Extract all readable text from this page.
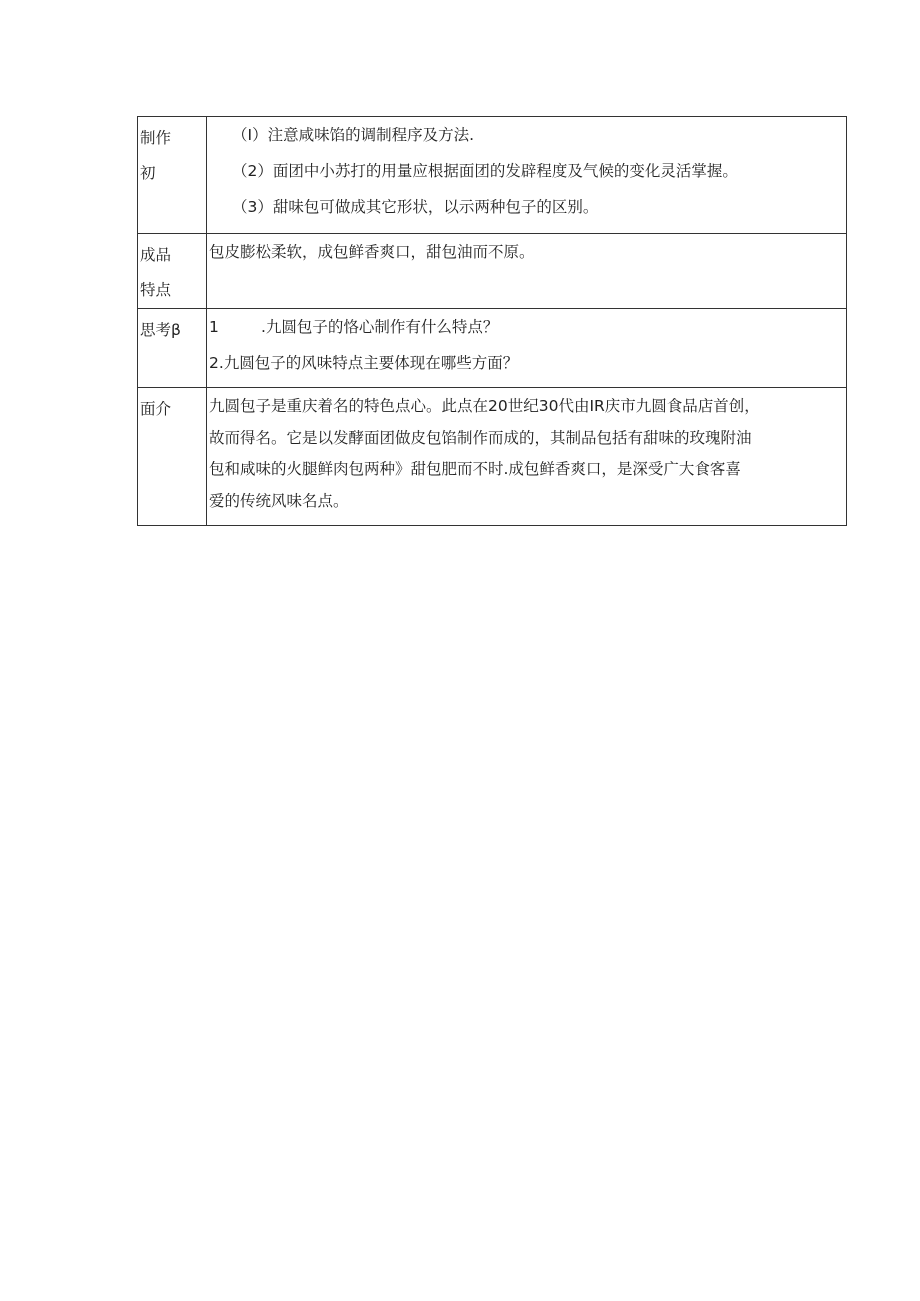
制作
初	（I）注意咸味馅的调制程序及方法.
（2）面团中小苏打的用量应根据面团的发辟程度及气候的变化灵活掌握。
（3）甜味包可做成其它形状，以示两种包子的区别。

成品
特点	包皮膨松柔软，成包鲜香爽口，甜包油而不原。

思考β	1 .九圆包子的恪心制作有什么特点？
2.九圆包子的风味特点主要体现在哪些方面？

面介	九圆包子是重庆着名的特色点心。此点在20世纪30代由IR庆市九圆食品店首创，
故而得名。它是以发酵面团做皮包馅制作而成的，其制品包括有甜味的玫瑰附油
包和咸味的火腿鲜肉包两种》甜包肥而不时.成包鲜香爽口，是深受广大食客喜
爱的传统风味名点。
